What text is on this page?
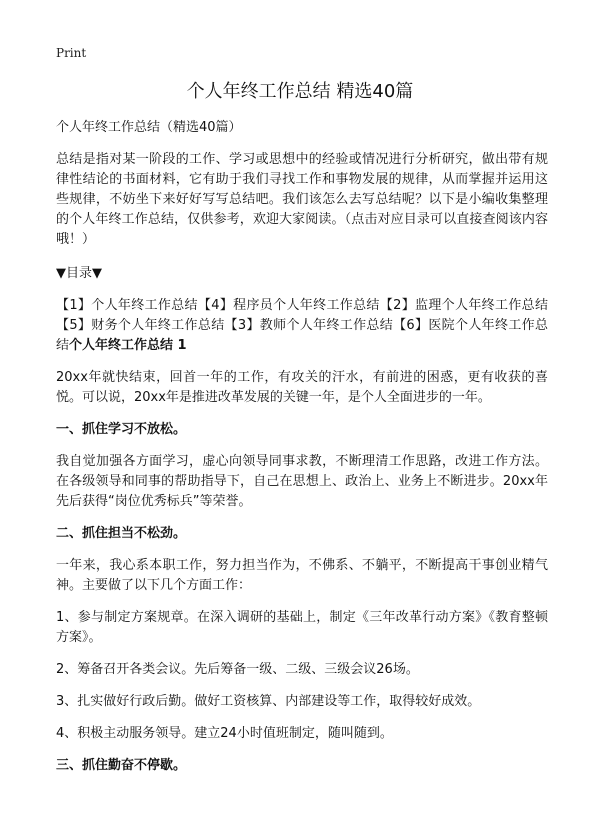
Print
个人年终工作总结 精选40篇

个人年终工作总结（精选40篇）

总结是指对某一阶段的工作、学习或思想中的经验或情况进行分析研究，做出带有规律性结论的书面材料，它有助于我们寻找工作和事物发展的规律，从而掌握并运用这些规律，不妨坐下来好好写写总结吧。我们该怎么去写总结呢？以下是小编收集整理的个人年终工作总结，仅供参考，欢迎大家阅读。（点击对应目录可以直接查阅该内容哦！）

▼目录▼

【1】个人年终工作总结【4】程序员个人年终工作总结【2】监理个人年终工作总结【5】财务个人年终工作总结【3】教师个人年终工作总结【6】医院个人年终工作总结个人年终工作总结 1

20xx年就快结束，回首一年的工作，有攻关的汗水，有前进的困惑，更有收获的喜悦。可以说，20xx年是推进改革发展的关键一年，是个人全面进步的一年。

一、抓住学习不放松。

我自觉加强各方面学习，虚心向领导同事求教，不断理清工作思路，改进工作方法。在各级领导和同事的帮助指导下，自己在思想上、政治上、业务上不断进步。20xx年先后获得“岗位优秀标兵”等荣誉。

二、抓住担当不松劲。

一年来，我心系本职工作，努力担当作为，不佛系、不躺平，不断提高干事创业精气神。主要做了以下几个方面工作：

1、参与制定方案规章。在深入调研的基础上，制定《三年改革行动方案》《教育整顿方案》。

2、筹备召开各类会议。先后筹备一级、二级、三级会议26场。

3、扎实做好行政后勤。做好工资核算、内部建设等工作，取得较好成效。

4、积极主动服务领导。建立24小时值班制定，随叫随到。

三、抓住勤奋不停歇。
